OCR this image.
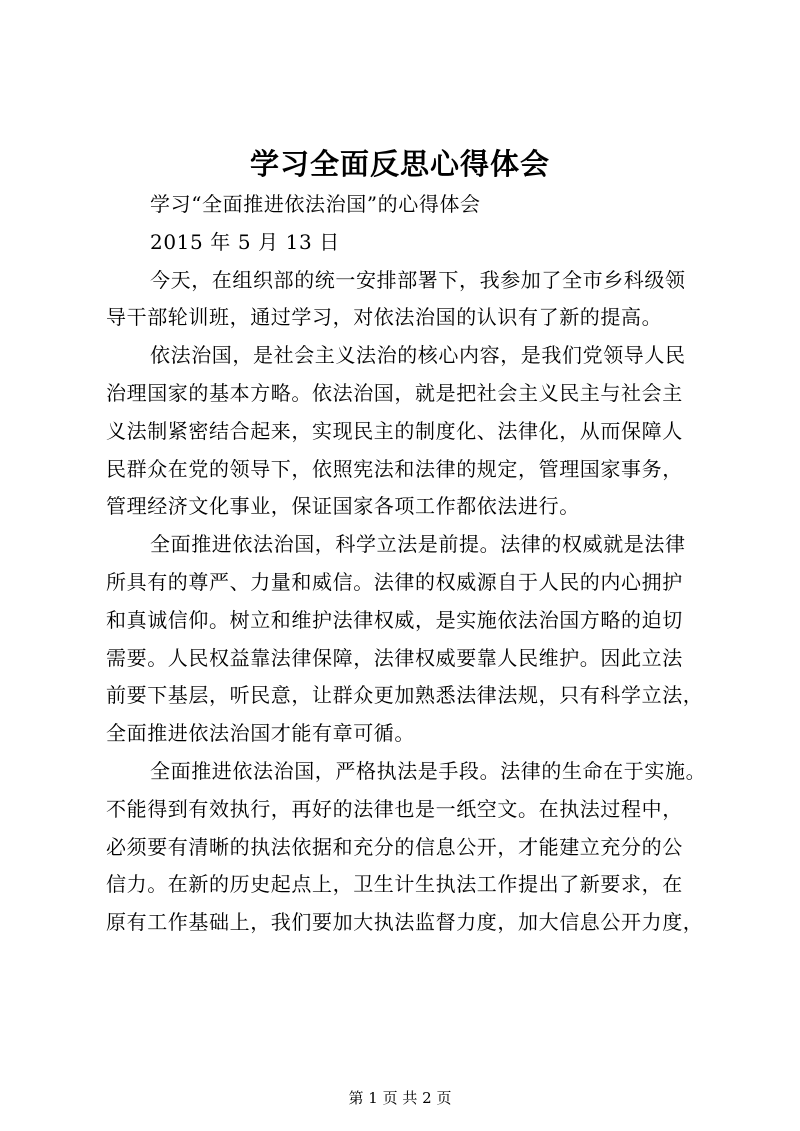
学习全面反思心得体会
学习“全面推进依法治国”的心得体会
2015 年 5 月 13 日
今天，在组织部的统一安排部署下，我参加了全市乡科级领
导干部轮训班，通过学习，对依法治国的认识有了新的提高。
依法治国，是社会主义法治的核心内容，是我们党领导人民
治理国家的基本方略。依法治国，就是把社会主义民主与社会主
义法制紧密结合起来，实现民主的制度化、法律化，从而保障人
民群众在党的领导下，依照宪法和法律的规定，管理国家事务，
管理经济文化事业，保证国家各项工作都依法进行。
全面推进依法治国，科学立法是前提。法律的权威就是法律
所具有的尊严、力量和威信。法律的权威源自于人民的内心拥护
和真诚信仰。树立和维护法律权威，是实施依法治国方略的迫切
需要。人民权益靠法律保障，法律权威要靠人民维护。因此立法
前要下基层，听民意，让群众更加熟悉法律法规，只有科学立法，
全面推进依法治国才能有章可循。
全面推进依法治国，严格执法是手段。法律的生命在于实施。
不能得到有效执行，再好的法律也是一纸空文。在执法过程中，
必须要有清晰的执法依据和充分的信息公开，才能建立充分的公
信力。在新的历史起点上，卫生计生执法工作提出了新要求，在
原有工作基础上，我们要加大执法监督力度，加大信息公开力度，
第 1 页 共 2 页
